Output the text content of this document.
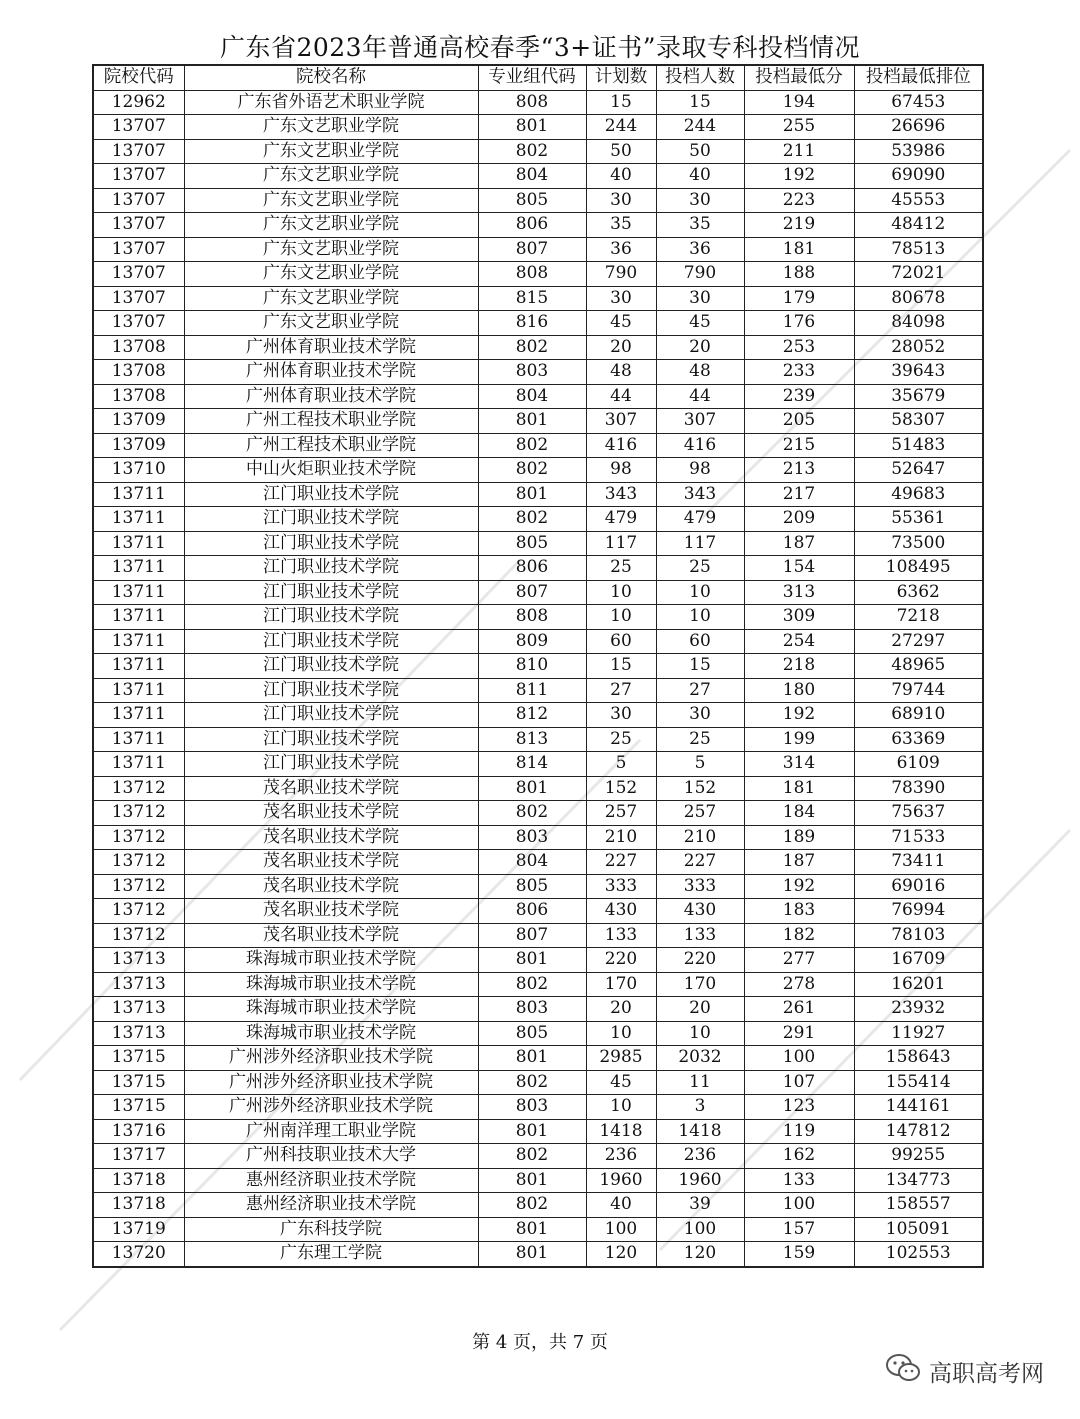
广东省2023年普通高校春季“3+证书”录取专科投档情况
院校代码	院校名称	专业组代码	计划数	投档人数	投档最低分	投档最低排位
12962	广东省外语艺术职业学院	808	15	15	194	67453
13707	广东文艺职业学院	801	244	244	255	26696
13707	广东文艺职业学院	802	50	50	211	53986
13707	广东文艺职业学院	804	40	40	192	69090
13707	广东文艺职业学院	805	30	30	223	45553
13707	广东文艺职业学院	806	35	35	219	48412
13707	广东文艺职业学院	807	36	36	181	78513
13707	广东文艺职业学院	808	790	790	188	72021
13707	广东文艺职业学院	815	30	30	179	80678
13707	广东文艺职业学院	816	45	45	176	84098
13708	广州体育职业技术学院	802	20	20	253	28052
13708	广州体育职业技术学院	803	48	48	233	39643
13708	广州体育职业技术学院	804	44	44	239	35679
13709	广州工程技术职业学院	801	307	307	205	58307
13709	广州工程技术职业学院	802	416	416	215	51483
13710	中山火炬职业技术学院	802	98	98	213	52647
13711	江门职业技术学院	801	343	343	217	49683
13711	江门职业技术学院	802	479	479	209	55361
13711	江门职业技术学院	805	117	117	187	73500
13711	江门职业技术学院	806	25	25	154	108495
13711	江门职业技术学院	807	10	10	313	6362
13711	江门职业技术学院	808	10	10	309	7218
13711	江门职业技术学院	809	60	60	254	27297
13711	江门职业技术学院	810	15	15	218	48965
13711	江门职业技术学院	811	27	27	180	79744
13711	江门职业技术学院	812	30	30	192	68910
13711	江门职业技术学院	813	25	25	199	63369
13711	江门职业技术学院	814	5	5	314	6109
13712	茂名职业技术学院	801	152	152	181	78390
13712	茂名职业技术学院	802	257	257	184	75637
13712	茂名职业技术学院	803	210	210	189	71533
13712	茂名职业技术学院	804	227	227	187	73411
13712	茂名职业技术学院	805	333	333	192	69016
13712	茂名职业技术学院	806	430	430	183	76994
13712	茂名职业技术学院	807	133	133	182	78103
13713	珠海城市职业技术学院	801	220	220	277	16709
13713	珠海城市职业技术学院	802	170	170	278	16201
13713	珠海城市职业技术学院	803	20	20	261	23932
13713	珠海城市职业技术学院	805	10	10	291	11927
13715	广州涉外经济职业技术学院	801	2985	2032	100	158643
13715	广州涉外经济职业技术学院	802	45	11	107	155414
13715	广州涉外经济职业技术学院	803	10	3	123	144161
13716	广州南洋理工职业学院	801	1418	1418	119	147812
13717	广州科技职业技术大学	802	236	236	162	99255
13718	惠州经济职业技术学院	801	1960	1960	133	134773
13718	惠州经济职业技术学院	802	40	39	100	158557
13719	广东科技学院	801	100	100	157	105091
13720	广东理工学院	801	120	120	159	102553
第 4 页，共 7 页
高职高考网
